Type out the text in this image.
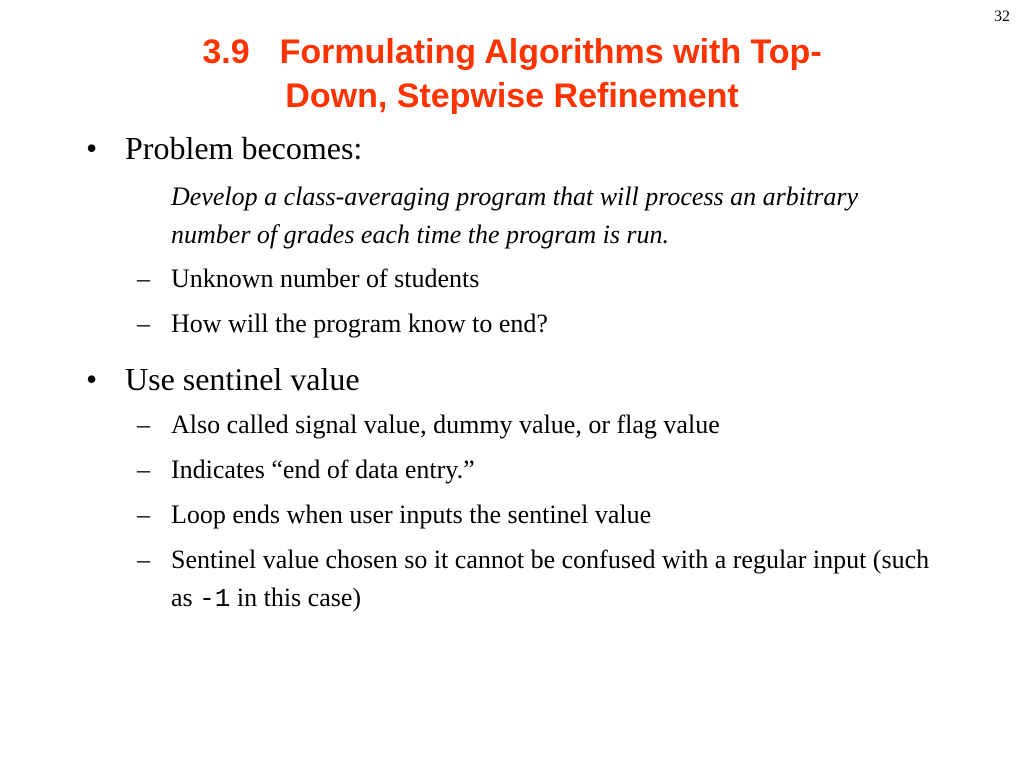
32
3.9 Formulating Algorithms with Top-
Down, Stepwise Refinement
• Problem becomes:
Develop a class-averaging program that will process an arbitrary number of grades each time the program is run.
– Unknown number of students
– How will the program know to end?
• Use sentinel value
– Also called signal value, dummy value, or flag value
– Indicates “end of data entry.”
– Loop ends when user inputs the sentinel value
– Sentinel value chosen so it cannot be confused with a regular input (such as -1 in this case)
